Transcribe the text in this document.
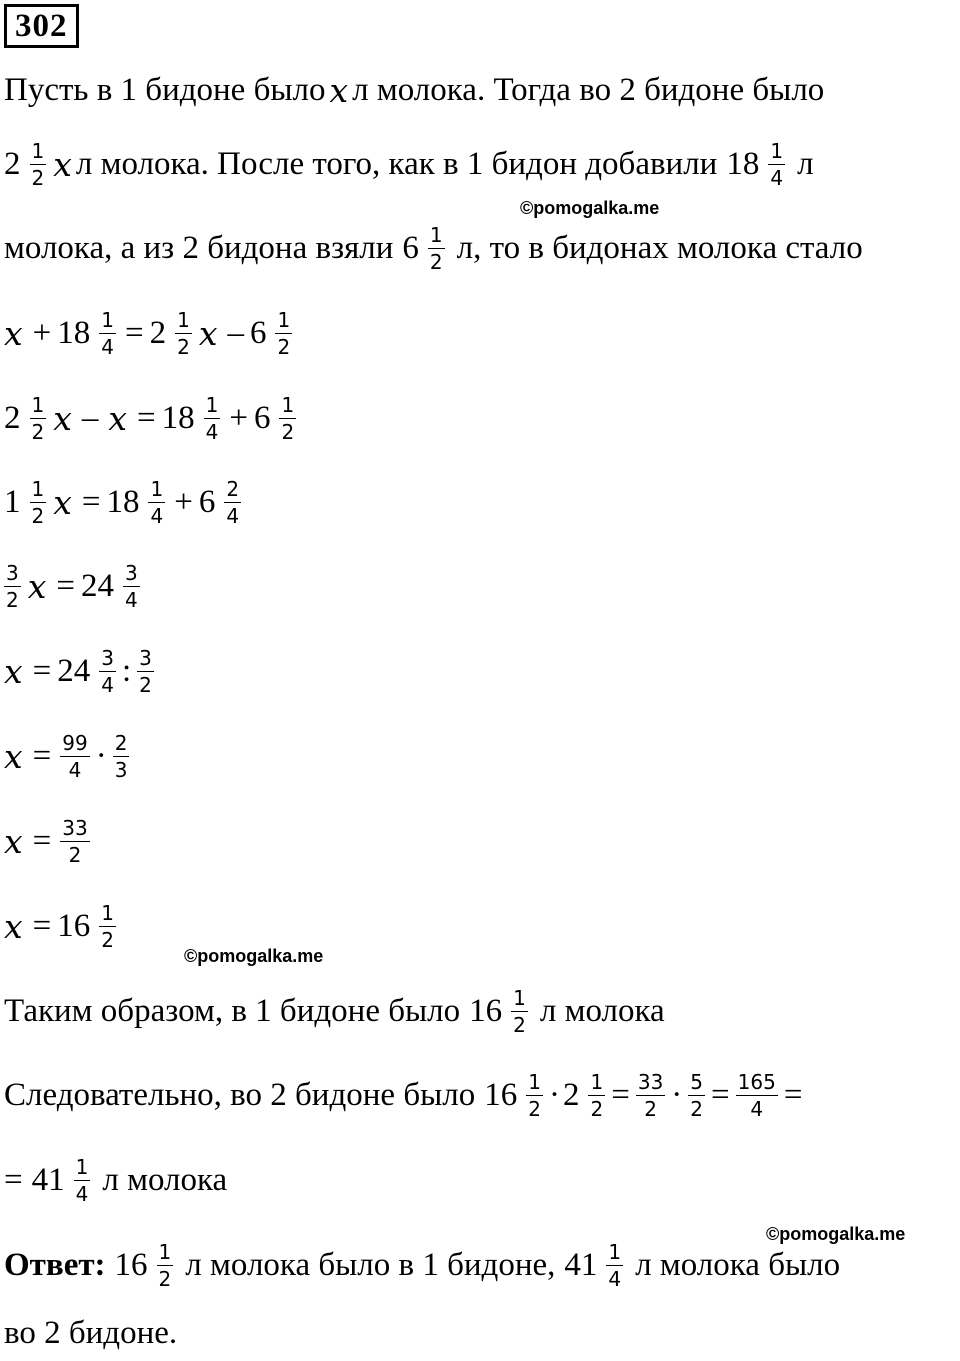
302
Пусть в 1 бидоне было x л молока. Тогда во 2 бидоне было
$2 \frac{1}{2}$ x л молока. После того, как в 1 бидон добавили $18 \frac{1}{4}$ л
©pomogalka.me
молока, а из 2 бидона взяли $6 \frac{1}{2} л$, то в бидонах молока стало
$x + 18 \frac{1}{4} = 2 \frac{1}{2}$ x – $6 \frac{1}{2}$
$2 \frac{1}{2}$ $x - x = 18 \frac{1}{4} + 6 \frac{1}{2}$
$1 \frac{1}{2}$ $x = 18 \frac{1}{4} + 6 \frac{2}{4}$
$\frac{3}{2}$ $x = 24 \frac{3}{4}$
$x = 24 \frac{3}{4}$ : $\frac{3}{2}$
$x = \frac{99}{4} \cdot \frac{2}{3}$
$x = \frac{33}{2}$
$x = 16 \frac{1}{2}$
©pomogalka.me
Таким образом, в 1 бидоне было $16 \frac{1}{2}$ л молока
Следовательно, во 2 бидоне было $16 \frac{1}{2} \cdot 2 \frac{1}{2} = \frac{33}{2} \cdot \frac{5}{2} = \frac{165}{4}$ =
= $41 \frac{1}{4}$ л молока
©pomogalka.me
Ответ: $16 \frac{1}{2}$ л молока было в 1 бидоне, $41 \frac{1}{4}$ л молока было
во 2 бидоне.
